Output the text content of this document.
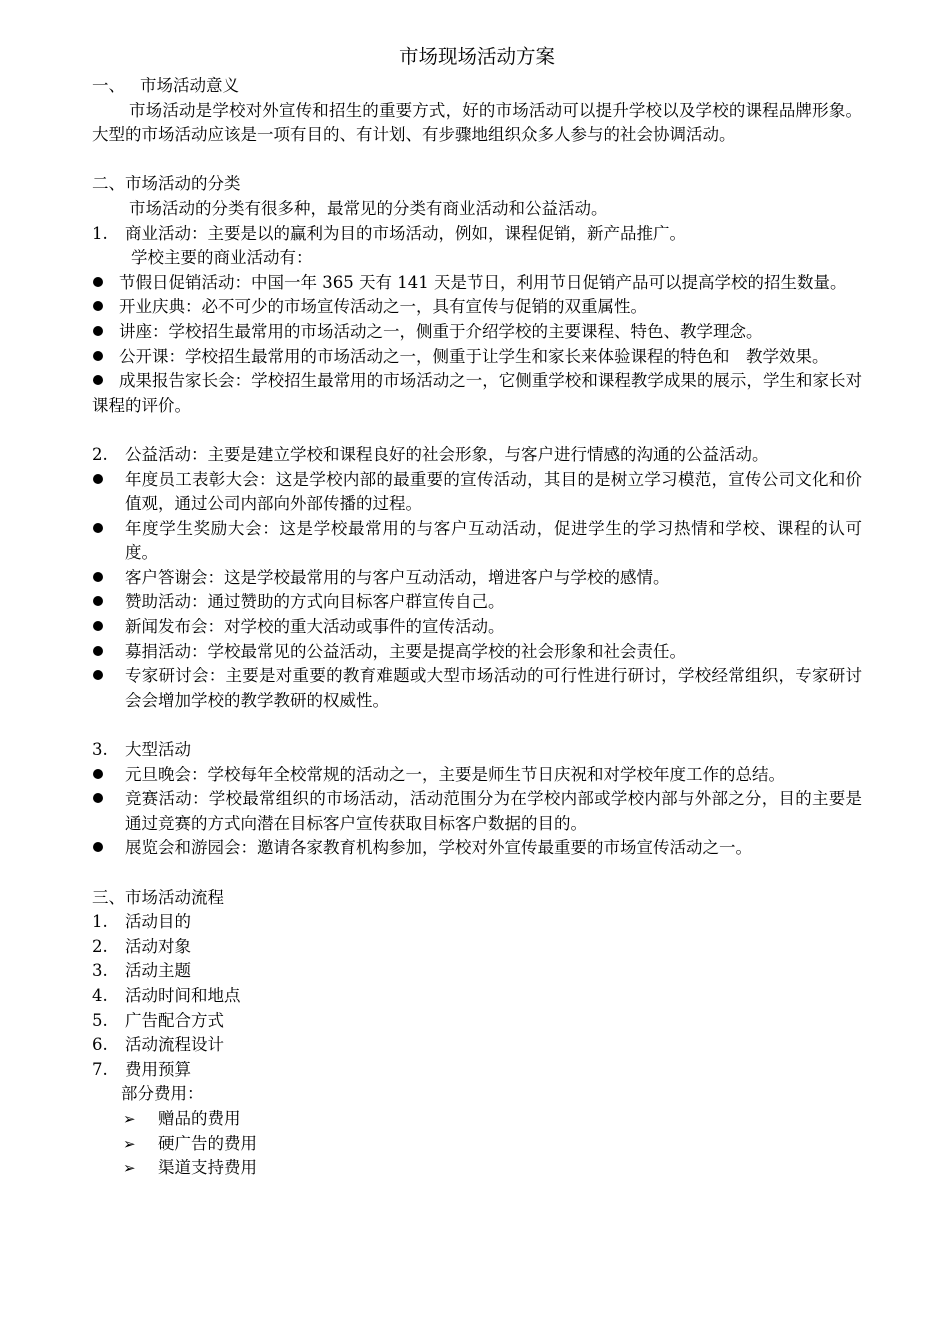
市场现场活动方案
一、 市场活动意义
市场活动是学校对外宣传和招生的重要方式，好的市场活动可以提升学校以及学校的课程品牌形象。大型的市场活动应该是一项有目的、有计划、有步骤地组织众多人参与的社会协调活动。
二、市场活动的分类
市场活动的分类有很多种，最常见的分类有商业活动和公益活动。
1.	商业活动：主要是以的赢利为目的市场活动，例如，课程促销，新产品推广。
学校主要的商业活动有：
节假日促销活动：中国一年 365 天有 141 天是节日，利用节日促销产品可以提高学校的招生数量。
开业庆典：必不可少的市场宣传活动之一，具有宣传与促销的双重属性。
讲座：学校招生最常用的市场活动之一，侧重于介绍学校的主要课程、特色、教学理念。
公开课：学校招生最常用的市场活动之一，侧重于让学生和家长来体验课程的特色和　教学效果。
成果报告家长会：学校招生最常用的市场活动之一，它侧重学校和课程教学成果的展示，学生和家长对课程的评价。
2.	公益活动：主要是建立学校和课程良好的社会形象，与客户进行情感的沟通的公益活动。
年度员工表彰大会：这是学校内部的最重要的宣传活动，其目的是树立学习模范，宣传公司文化和价值观，通过公司内部向外部传播的过程。
年度学生奖励大会：这是学校最常用的与客户互动活动，促进学生的学习热情和学校、课程的认可度。
客户答谢会：这是学校最常用的与客户互动活动，增进客户与学校的感情。
赞助活动：通过赞助的方式向目标客户群宣传自己。
新闻发布会：对学校的重大活动或事件的宣传活动。
募捐活动：学校最常见的公益活动，主要是提高学校的社会形象和社会责任。
专家研讨会：主要是对重要的教育难题或大型市场活动的可行性进行研讨，学校经常组织，专家研讨会会增加学校的教学教研的权威性。
3.	大型活动
元旦晚会：学校每年全校常规的活动之一，主要是师生节日庆祝和对学校年度工作的总结。
竞赛活动：学校最常组织的市场活动，活动范围分为在学校内部或学校内部与外部之分，目的主要是通过竞赛的方式向潜在目标客户宣传获取目标客户数据的目的。
展览会和游园会：邀请各家教育机构参加，学校对外宣传最重要的市场宣传活动之一。
三、市场活动流程
1.	活动目的
2.	活动对象
3.	活动主题
4.	活动时间和地点
5.	广告配合方式
6.	活动流程设计
7.	费用预算
部分费用：
➢	赠品的费用
➢	硬广告的费用
➢	渠道支持费用
